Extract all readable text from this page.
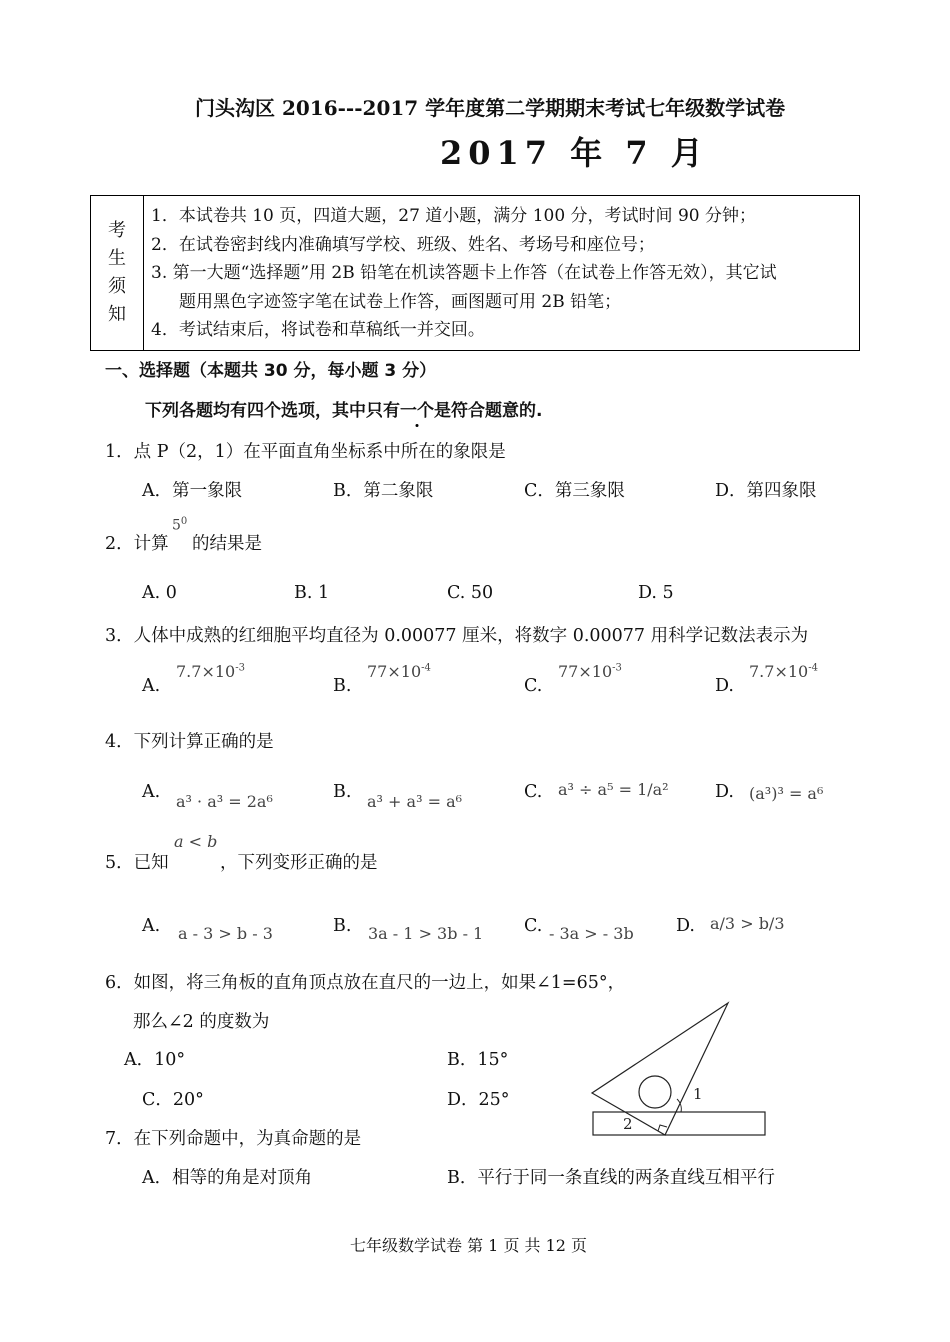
门头沟区 2016---2017 学年度第二学期期末考试七年级数学试卷
2017 年 7 月
考
生
须
知
1．本试卷共 10 页，四道大题，27 道小题，满分 100 分，考试时间 90 分钟；
2．在试卷密封线内准确填写学校、班级、姓名、考场号和座位号；
3. 第一大题“选择题”用 2B 铅笔在机读答题卡上作答（在试卷上作答无效），其它试
题用黑色字迹签字笔在试卷上作答，画图题可用 2B 铅笔；
4．考试结束后，将试卷和草稿纸一并交回。
一、选择题（本题共 30 分，每小题 3 分）
下列各题均有四个选项，其中只有一个是符合题意的.
1．点 P（2，1）在平面直角坐标系中所在的象限是
A．第一象限	B．第二象限	C．第三象限	D．第四象限
2．计算
$5^0$
的结果是
A. 0	B. 1	C. 50	D. 5
3．人体中成熟的红细胞平均直径为 0.00077 厘米，将数字 0.00077 用科学记数法表示为
A.
$7.7\times 10^{-3}$
B.
$77\times 10^{-4}$
C.
$77\times 10^{-3}$
D.
$7.7\times 10^{-4}$
4．下列计算正确的是
A. a³ · a³ = 2a⁶	B. a³ + a³ = a⁶	C. a³ ÷ a⁵ = 1/a²	D. (a³)³ = a⁶
5．已知
a < b
，下列变形正确的是
A. a - 3 > b - 3	B. 3a - 1 > 3b - 1 C. - 3a > - 3b D. a/3 > b/3
6．如图，将三角板的直角顶点放在直尺的一边上，如果∠1=65°，
那么∠2 的度数为
A．10°	B．15°
C．20°	D．25°	1
2
7．在下列命题中，为真命题的是
A．相等的角是对顶角	B．平行于同一条直线的两条直线互相平行
七年级数学试卷 第 1 页 共 12 页
